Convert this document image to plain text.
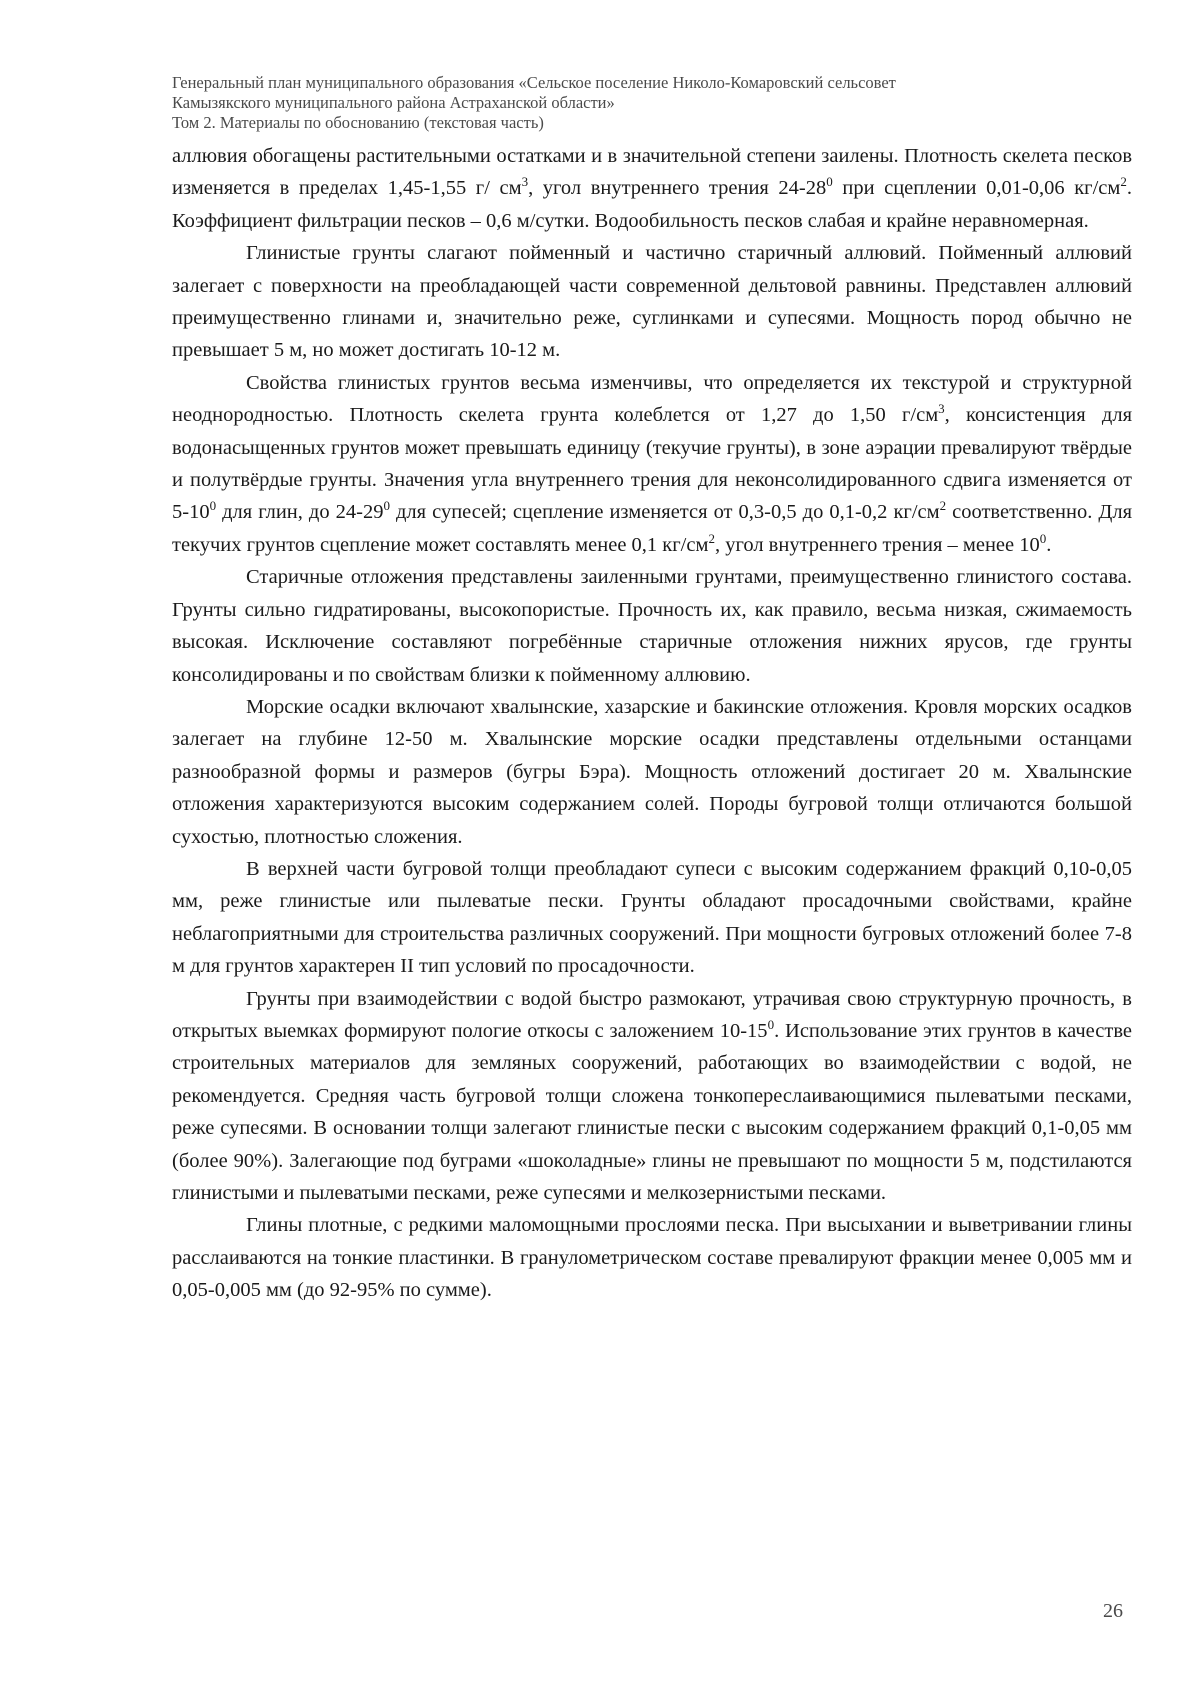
Генеральный план муниципального образования «Сельское поселение Николо-Комаровский сельсовет
Камызякского муниципального района Астраханской области»
Том 2. Материалы по обоснованию (текстовая часть)

аллювия обогащены растительными остатками и в значительной степени заилены. Плотность скелета песков изменяется в пределах 1,45-1,55 г/ $см^3$, угол внутреннего трения $24-28^0$ при сцеплении 0,01-0,06 $кг/см^2$. Коэффициент фильтрации песков – 0,6 м/сутки. Водообильность песков слабая и крайне неравномерная.

Глинистые грунты слагают пойменный и частично старичный аллювий. Пойменный аллювий залегает с поверхности на преобладающей части современной дельтовой равнины. Представлен аллювий преимущественно глинами и, значительно реже, суглинками и супесями. Мощность пород обычно не превышает 5 м, но может достигать 10-12 м.

Свойства глинистых грунтов весьма изменчивы, что определяется их текстурой и структурной неоднородностью. Плотность скелета грунта колеблется от 1,27 до 1,50 $г/см^3$, консистенция для водонасыщенных грунтов может превышать единицу (текучие грунты), в зоне аэрации превалируют твёрдые и полутвёрдые грунты. Значения угла внутреннего трения для неконсолидированного сдвига изменяется от $5-10^0$ для глин, до $24-29^0$ для супесей; сцепление изменяется от 0,3-0,5 до 0,1-0,2 $кг/см^2$ соответственно. Для текучих грунтов сцепление может составлять менее 0,1 $кг/см^2$, угол внутреннего трения – менее $10^0$.

Старичные отложения представлены заиленными грунтами, преимущественно глинистого состава. Грунты сильно гидратированы, высокопористые. Прочность их, как правило, весьма низкая, сжимаемость высокая. Исключение составляют погребённые старичные отложения нижних ярусов, где грунты консолидированы и по свойствам близки к пойменному аллювию.

Морские осадки включают хвалынские, хазарские и бакинские отложения. Кровля морских осадков залегает на глубине 12-50 м. Хвалынские морские осадки представлены отдельными останцами разнообразной формы и размеров (бугры Бэра). Мощность отложений достигает 20 м. Хвалынские отложения характеризуются высоким содержанием солей. Породы бугровой толщи отличаются большой сухостью, плотностью сложения.

В верхней части бугровой толщи преобладают супеси с высоким содержанием фракций 0,10-0,05 мм, реже глинистые или пылеватые пески. Грунты обладают просадочными свойствами, крайне неблагоприятными для строительства различных сооружений. При мощности бугровых отложений более 7-8 м для грунтов характерен II тип условий по просадочности.

Грунты при взаимодействии с водой быстро размокают, утрачивая свою структурную прочность, в открытых выемках формируют пологие откосы с заложением $10-15^0$. Использование этих грунтов в качестве строительных материалов для земляных сооружений, работающих во взаимодействии с водой, не рекомендуется. Средняя часть бугровой толщи сложена тонкопереслаивающимися пылеватыми песками, реже супесями. В основании толщи залегают глинистые пески с высоким содержанием фракций 0,1-0,05 мм (более 90%). Залегающие под буграми «шоколадные» глины не превышают по мощности 5 м, подстилаются глинистыми и пылеватыми песками, реже супесями и мелкозернистыми песками.

Глины плотные, с редкими маломощными прослоями песка. При высыхании и выветривании глины расслаиваются на тонкие пластинки. В гранулометрическом составе превалируют фракции менее 0,005 мм и 0,05-0,005 мм (до 92-95% по сумме).

26
